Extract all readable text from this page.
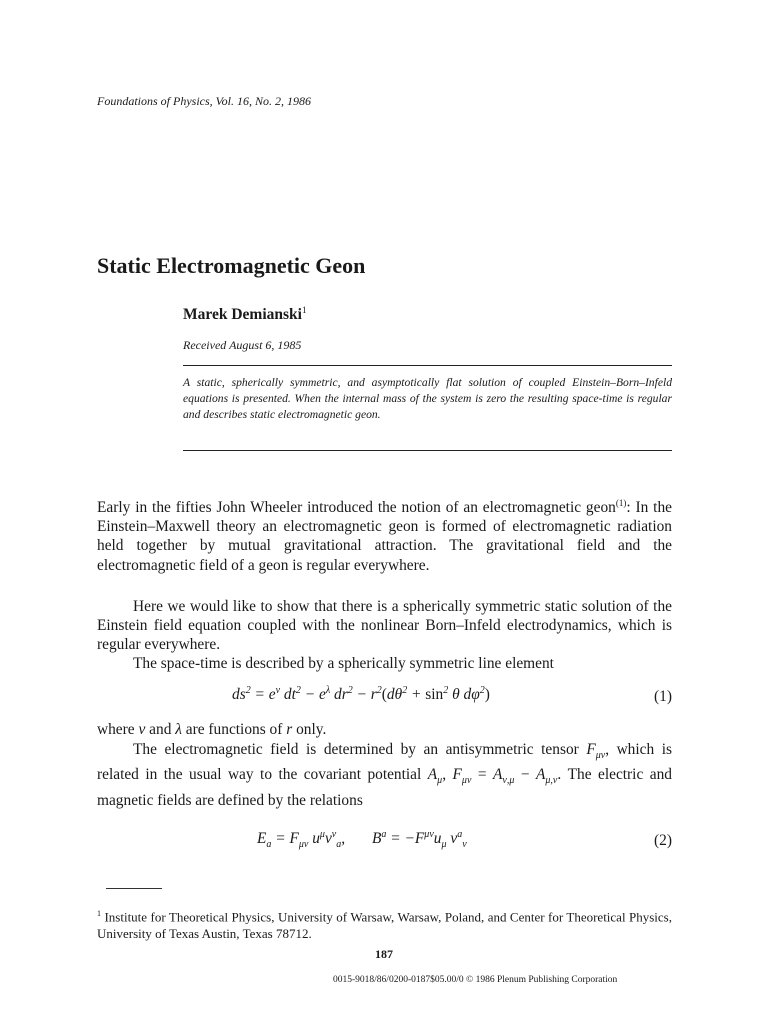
Foundations of Physics, Vol. 16, No. 2, 1986
Static Electromagnetic Geon
Marek Demianski$^1$
Received August 6, 1985
A static, spherically symmetric, and asymptotically flat solution of coupled Einstein–Born–Infeld equations is presented. When the internal mass of the system is zero the resulting space-time is regular and describes static electromagnetic geon.
Early in the fifties John Wheeler introduced the notion of an electromagnetic geon$^{(1)}$: In the Einstein–Maxwell theory an electromagnetic geon is formed of electromagnetic radiation held together by mutual gravitational attraction. The gravitational field and the electromagnetic field of a geon is regular everywhere.
Here we would like to show that there is a spherically symmetric static solution of the Einstein field equation coupled with the nonlinear Born–Infeld electrodynamics, which is regular everywhere.
The space-time is described by a spherically symmetric line element
$ds^2 = e^\nu$ $dt^2 - e^\lambda$ $dr^2 - r^2(d\theta^2 + \sin^2 \theta$ $d\varphi^2$)	(1)
where ν and λ are functions of r only.
The electromagnetic field is determined by an antisymmetric tensor $F_{\mu\nu}$, which is related in the usual way to the covariant potential $A_\mu$, $F_{\mu\nu} = A_{\nu,\mu} - A_{\mu,\nu}$. The electric and magnetic fields are defined by the relations
$E_a = F_{\mu\nu}$ $u^\mu v^\nu_a$,       $B^a = -F^{\mu\nu}u_\mu$ $v^a_\nu$	(2)
$^1$ Institute for Theoretical Physics, University of Warsaw, Warsaw, Poland, and Center for Theoretical Physics, University of Texas Austin, Texas 78712.
187
0015-9018/86/0200-0187$05.00/0 © 1986 Plenum Publishing Corporation
